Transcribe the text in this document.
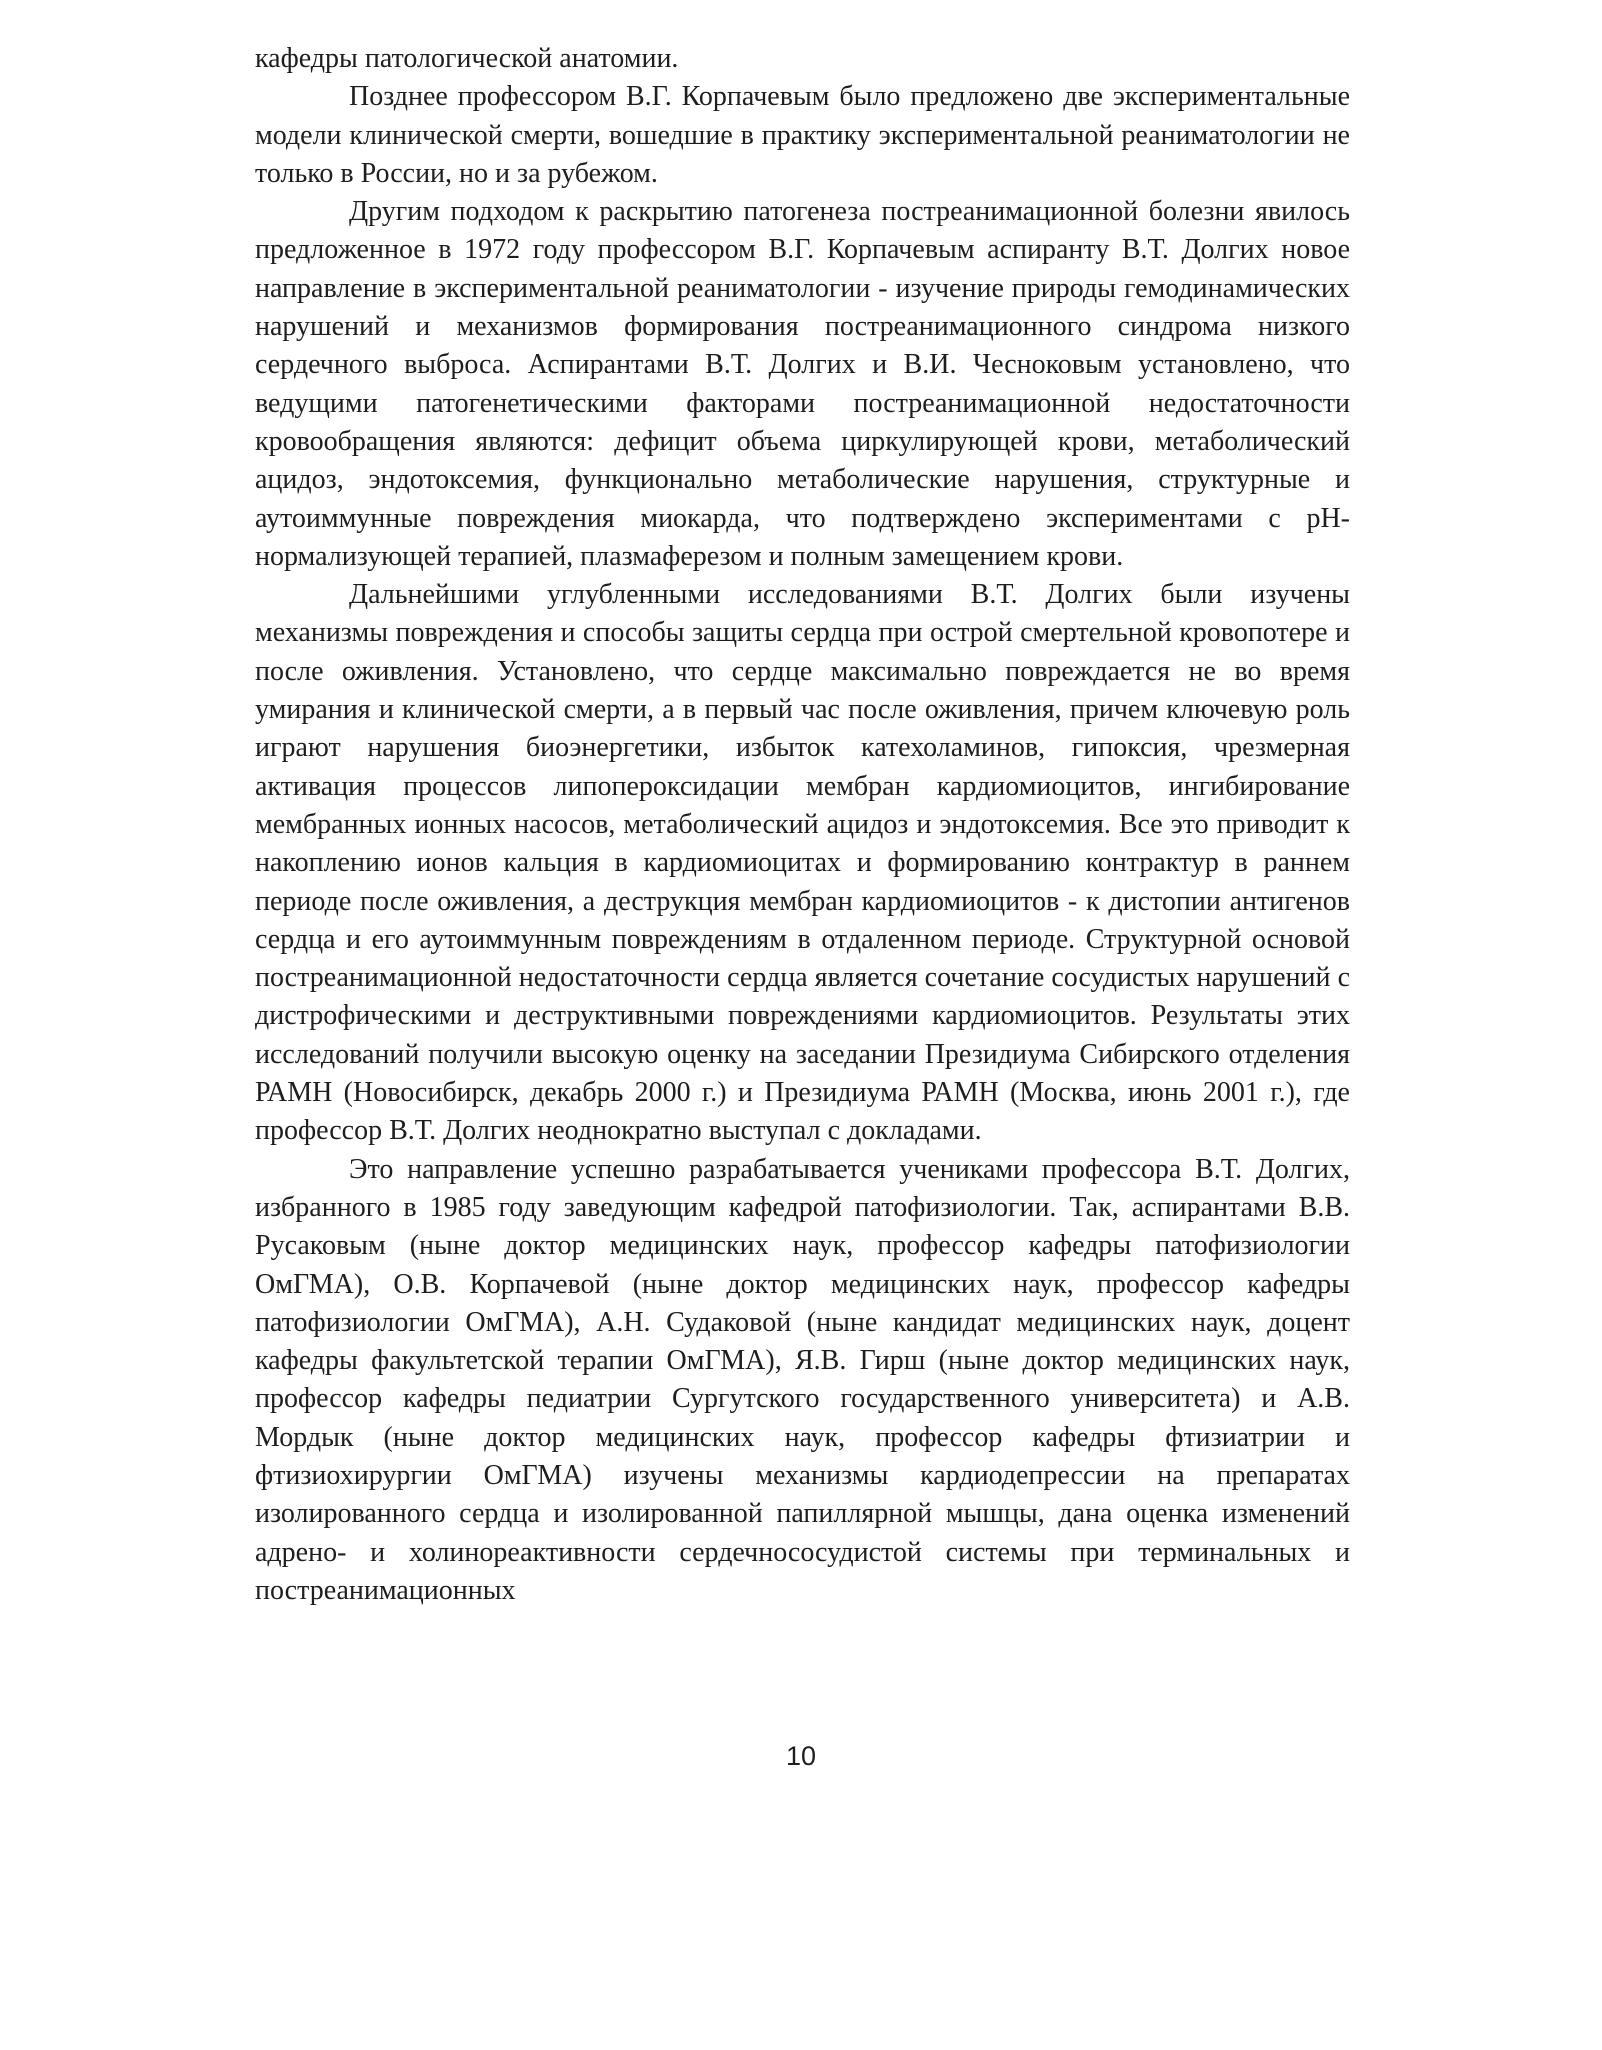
кафедры патологической анатомии.

Позднее профессором В.Г. Корпачевым было предложено две экспериментальные модели клинической смерти, вошедшие в практику экспериментальной реаниматологии не только в России, но и за рубежом.

Другим подходом к раскрытию патогенеза постреанимационной болезни явилось предложенное в 1972 году профессором В.Г. Корпачевым аспиранту В.Т. Долгих новое направление в экспериментальной реаниматологии - изучение природы гемодинамических нарушений и механизмов формирования постреанимационного синдрома низкого сердечного выброса. Аспирантами В.Т. Долгих и В.И. Чесноковым установлено, что ведущими патогенетическими факторами постреанимационной недостаточности кровообращения являются: дефицит объема циркулирующей крови, метаболический ацидоз, эндотоксемия, функционально метаболические нарушения, структурные и аутоиммунные повреждения миокарда, что подтверждено экспериментами с рН-нормализующей терапией, плазмаферезом и полным замещением крови.

Дальнейшими углубленными исследованиями В.Т. Долгих были изучены механизмы повреждения и способы защиты сердца при острой смертельной кровопотере и после оживления. Установлено, что сердце максимально повреждается не во время умирания и клинической смерти, а в первый час после оживления, причем ключевую роль играют нарушения биоэнергетики, избыток катехоламинов, гипоксия, чрезмерная активация процессов липопероксидации мембран кардиомиоцитов, ингибирование мембранных ионных насосов, метаболический ацидоз и эндотоксемия. Все это приводит к накоплению ионов кальция в кардиомиоцитах и формированию контрактур в раннем периоде после оживления, а деструкция мембран кардиомиоцитов - к дистопии антигенов сердца и его аутоиммунным повреждениям в отдаленном периоде. Структурной основой постреанимационной недостаточности сердца является сочетание сосудистых нарушений с дистрофическими и деструктивными повреждениями кардиомиоцитов. Результаты этих исследований получили высокую оценку на заседании Президиума Сибирского отделения РАМН (Новосибирск, декабрь 2000 г.) и Президиума РАМН (Москва, июнь 2001 г.), где профессор В.Т. Долгих неоднократно выступал с докладами.

Это направление успешно разрабатывается учениками профессора В.Т. Долгих, избранного в 1985 году заведующим кафедрой патофизиологии. Так, аспирантами В.В. Русаковым (ныне доктор медицинских наук, профессор кафедры патофизиологии ОмГМА), О.В. Корпачевой (ныне доктор медицинских наук, профессор кафедры патофизиологии ОмГМА), А.Н. Судаковой (ныне кандидат медицинских наук, доцент кафедры факультетской терапии ОмГМА), Я.В. Гирш (ныне доктор медицинских наук, профессор кафедры педиатрии Сургутского государственного университета) и А.В. Мордык (ныне доктор медицинских наук, профессор кафедры фтизиатрии и фтизиохирургии ОмГМА) изучены механизмы кардиодепрессии на препаратах изолированного сердца и изолированной папиллярной мышцы, дана оценка изменений адрено- и холинореактивности сердечнососудистой системы при терминальных и постреанимационных

10
